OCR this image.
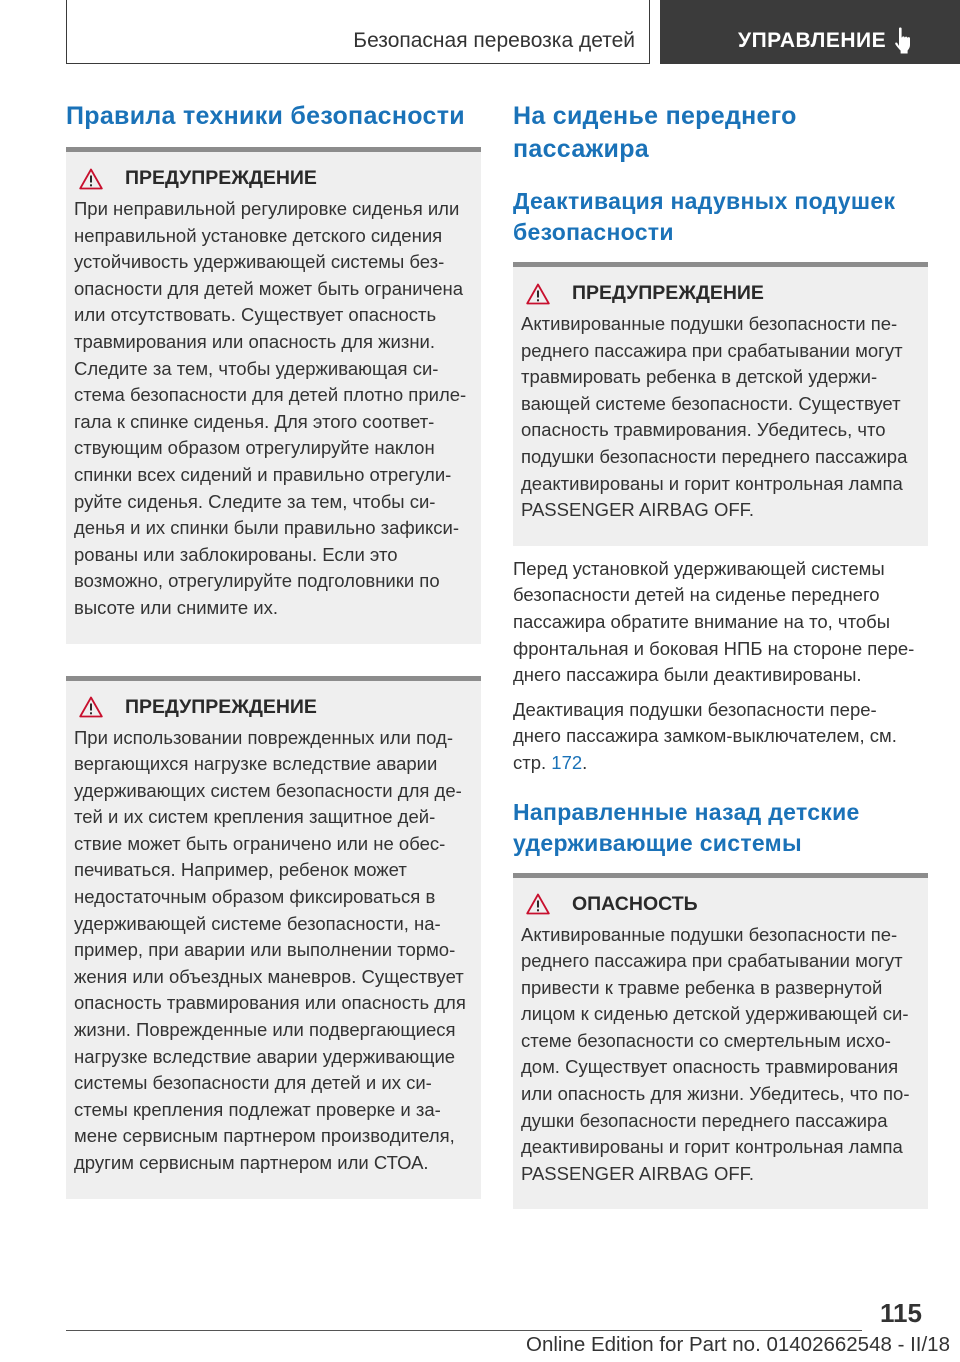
Безопасная перевозка детей	УПРАВЛЕНИЕ
Правила техники безопасности
ПРЕДУПРЕЖДЕНИЕ
При неправильной регулировке сиденья или
неправильной установке детского сидения
устойчивость удерживающей системы без-
опасности для детей может быть ограничена
или отсутствовать. Существует опасность
травмирования или опасность для жизни.
Следите за тем, чтобы удерживающая си-
стема безопасности для детей плотно приле-
гала к спинке сиденья. Для этого соответ-
ствующим образом отрегулируйте наклон
спинки всех сидений и правильно отрегули-
руйте сиденья. Следите за тем, чтобы си-
денья и их спинки были правильно зафикси-
рованы или заблокированы. Если это
возможно, отрегулируйте подголовники по
высоте или снимите их.
ПРЕДУПРЕЖДЕНИЕ
При использовании поврежденных или под-
вергающихся нагрузке вследствие аварии
удерживающих систем безопасности для де-
тей и их систем крепления защитное дей-
ствие может быть ограничено или не обес-
печиваться. Например, ребенок может
недостаточным образом фиксироваться в
удерживающей системе безопасности, на-
пример, при аварии или выполнении тормо-
жения или объездных маневров. Существует
опасность травмирования или опасность для
жизни. Поврежденные или подвергающиеся
нагрузке вследствие аварии удерживающие
системы безопасности для детей и их си-
стемы крепления подлежат проверке и за-
мене сервисным партнером производителя,
другим сервисным партнером или СТОА.
На сиденье переднего
пассажира
Деактивация надувных подушек
безопасности
ПРЕДУПРЕЖДЕНИЕ
Активированные подушки безопасности пе-
реднего пассажира при срабатывании могут
травмировать ребенка в детской удержи-
вающей системе безопасности. Существует
опасность травмирования. Убедитесь, что
подушки безопасности переднего пассажира
деактивированы и горит контрольная лампа
PASSENGER AIRBAG OFF.

Перед установкой удерживающей системы
безопасности детей на сиденье переднего
пассажира обратите внимание на то, чтобы
фронтальная и боковая НПБ на стороне пере-
днего пассажира были деактивированы.

Деактивация подушки безопасности пере-
днего пассажира замком-выключателем, см.
стр. 172.

Направленные назад детские
удерживающие системы
ОПАСНОСТЬ
Активированные подушки безопасности пе-
реднего пассажира при срабатывании могут
привести к травме ребенка в развернутой
лицом к сиденью детской удерживающей си-
стеме безопасности со смертельным исхо-
дом. Существует опасность травмирования
или опасность для жизни. Убедитесь, что по-
душки безопасности переднего пассажира
деактивированы и горит контрольная лампа
PASSENGER AIRBAG OFF.
115
Online Edition for Part no. 01402662548 - II/18
